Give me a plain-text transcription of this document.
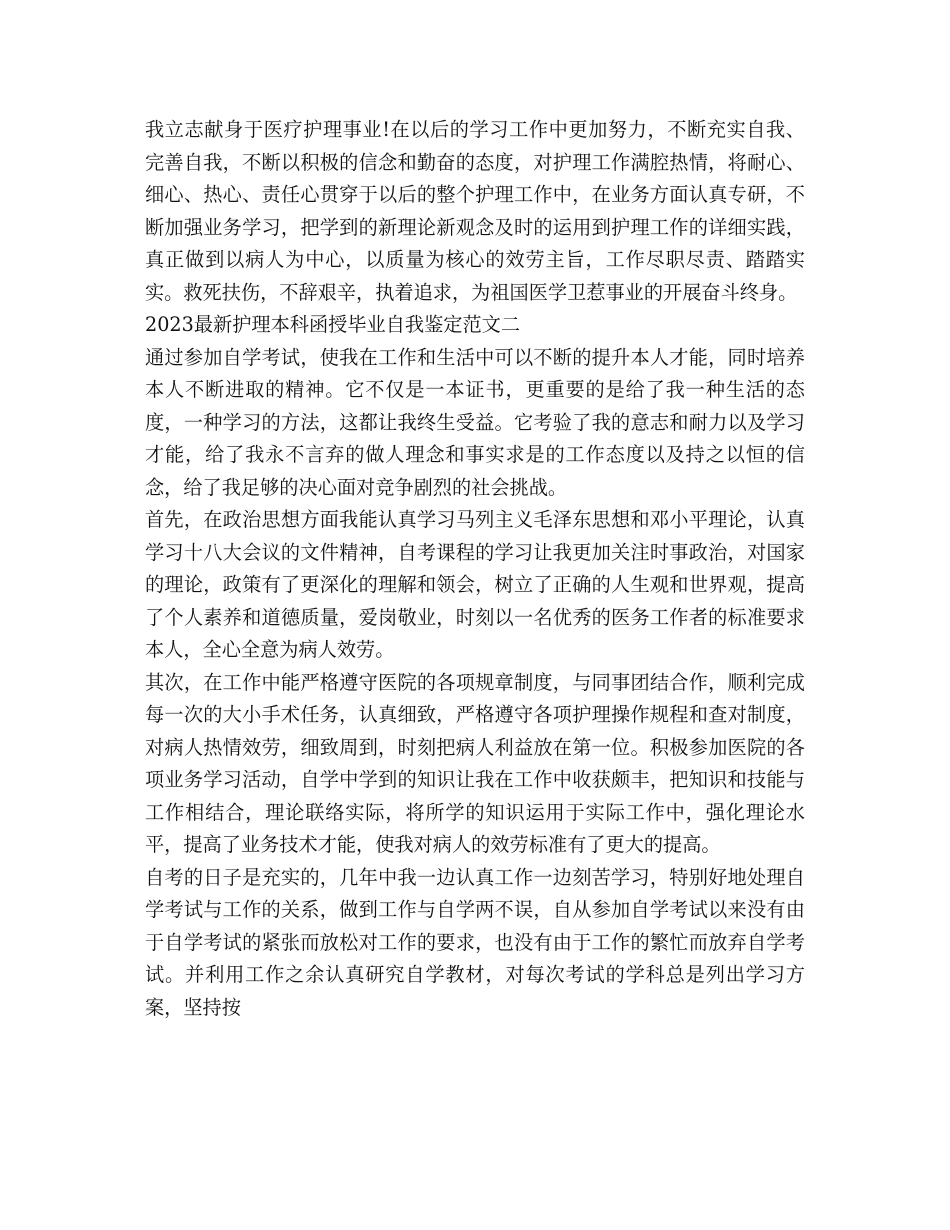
我立志献身于医疗护理事业!在以后的学习工作中更加努力，不断充实自我、完善自我，不断以积极的信念和勤奋的态度，对护理工作满腔热情，将耐心、细心、热心、责任心贯穿于以后的整个护理工作中，在业务方面认真专研，不断加强业务学习，把学到的新理论新观念及时的运用到护理工作的详细实践，真正做到以病人为中心，以质量为核心的效劳主旨，工作尽职尽责、踏踏实实。救死扶伤，不辞艰辛，执着追求，为祖国医学卫惹事业的开展奋斗终身。

2023最新护理本科函授毕业自我鉴定范文二

通过参加自学考试，使我在工作和生活中可以不断的提升本人才能，同时培养本人不断进取的精神。它不仅是一本证书，更重要的是给了我一种生活的态度，一种学习的方法，这都让我终生受益。它考验了我的意志和耐力以及学习才能，给了我永不言弃的做人理念和事实求是的工作态度以及持之以恒的信念，给了我足够的决心面对竞争剧烈的社会挑战。

首先，在政治思想方面我能认真学习马列主义毛泽东思想和邓小平理论，认真学习十八大会议的文件精神，自考课程的学习让我更加关注时事政治，对国家的理论，政策有了更深化的理解和领会，树立了正确的人生观和世界观，提高了个人素养和道德质量，爱岗敬业，时刻以一名优秀的医务工作者的标准要求本人，全心全意为病人效劳。

其次，在工作中能严格遵守医院的各项规章制度，与同事团结合作，顺利完成每一次的大小手术任务，认真细致，严格遵守各项护理操作规程和查对制度，对病人热情效劳，细致周到，时刻把病人利益放在第一位。积极参加医院的各项业务学习活动，自学中学到的知识让我在工作中收获颇丰，把知识和技能与工作相结合，理论联络实际，将所学的知识运用于实际工作中，强化理论水平，提高了业务技术才能，使我对病人的效劳标准有了更大的提高。

自考的日子是充实的，几年中我一边认真工作一边刻苦学习，特别好地处理自学考试与工作的关系，做到工作与自学两不误，自从参加自学考试以来没有由于自学考试的紧张而放松对工作的要求，也没有由于工作的繁忙而放弃自学考试。并利用工作之余认真研究自学教材，对每次考试的学科总是列出学习方案，坚持按
